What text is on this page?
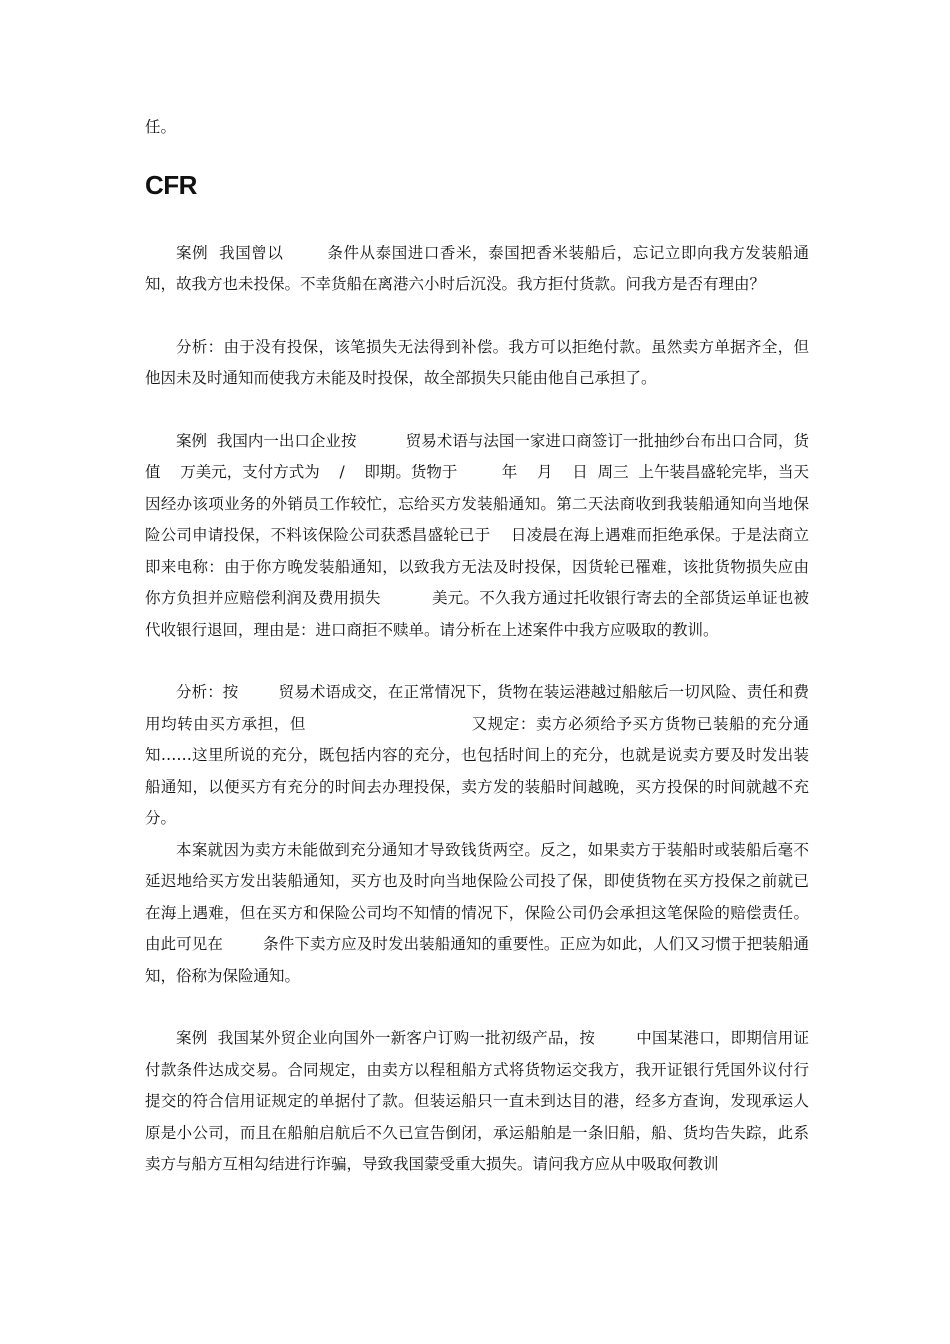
任。

CFR

案例  我国曾以        条件从泰国进口香米，泰国把香米装船后，忘记立即向我方发装船通知，故我方也未投保。不幸货船在离港六小时后沉没。我方拒付货款。问我方是否有理由？

分析：由于没有投保，该笔损失无法得到补偿。我方可以拒绝付款。虽然卖方单据齐全，但他因未及时通知而使我方未能及时投保，故全部损失只能由他自己承担了。

案例  我国内一出口企业按          贸易术语与法国一家进口商签订一批抽纱台布出口合同，货值    万美元，支付方式为    /    即期。货物于         年    月    日  周三  上午装昌盛轮完毕，当天因经办该项业务的外销员工作较忙，忘给买方发装船通知。第二天法商收到我装船通知向当地保险公司申请投保，不料该保险公司获悉昌盛轮已于    日凌晨在海上遇难而拒绝承保。于是法商立即来电称：由于你方晚发装船通知，以致我方无法及时投保，因货轮已罹难，该批货物损失应由你方负担并应赔偿利润及费用损失          美元。不久我方通过托收银行寄去的全部货运单证也被代收银行退回，理由是：进口商拒不赎单。请分析在上述案件中我方应吸取的教训。

分析：按        贸易术语成交，在正常情况下，货物在装运港越过船舷后一切风险、责任和费用均转由买方承担，但                              又规定：卖方必须给予买方货物已装船的充分通知……这里所说的充分，既包括内容的充分，也包括时间上的充分，也就是说卖方要及时发出装船通知，以便买方有充分的时间去办理投保，卖方发的装船时间越晚，买方投保的时间就越不充分。

本案就因为卖方未能做到充分通知才导致钱货两空。反之，如果卖方于装船时或装船后毫不延迟地给买方发出装船通知，买方也及时向当地保险公司投了保，即使货物在买方投保之前就已在海上遇难，但在买方和保险公司均不知情的情况下，保险公司仍会承担这笔保险的赔偿责任。由此可见在        条件下卖方应及时发出装船通知的重要性。正应为如此，人们又习惯于把装船通知，俗称为保险通知。

案例  我国某外贸企业向国外一新客户订购一批初级产品，按        中国某港口，即期信用证付款条件达成交易。合同规定，由卖方以程租船方式将货物运交我方，我开证银行凭国外议付行提交的符合信用证规定的单据付了款。但装运船只一直未到达目的港，经多方查询，发现承运人原是小公司，而且在船舶启航后不久已宣告倒闭，承运船舶是一条旧船，船、货均告失踪，此系卖方与船方互相勾结进行诈骗，导致我国蒙受重大损失。请问我方应从中吸取何教训
